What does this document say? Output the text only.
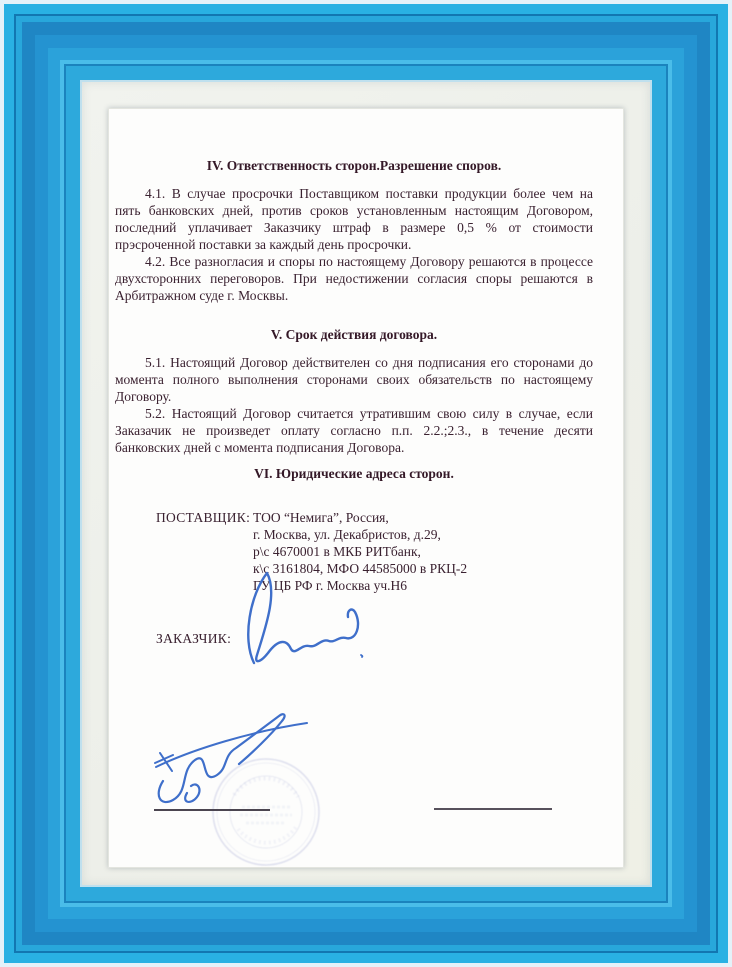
IV. Ответственность сторон.Разрешение споров.

4.1. В случае просрочки Поставщиком поставки продукции более чем на пять банковских дней, против сроков установленным настоящим Договором, последний уплачивает Заказчику штраф в размере 0,5 % от стоимости прэсроченной поставки за каждый день просрочки.

4.2. Все разногласия и споры по настоящему Договору решаются в процессе двухсторонних переговоров. При недостижении согласия споры решаются в Арбитражном суде г. Москвы.

V. Срок действия договора.

5.1. Настоящий Договор действителен со дня подписания его сторонами до момента полного выполнения сторонами своих обязательств по настоящему Договору.

5.2. Настоящий Договор считается утратившим свою силу в случае, если Заказачик не произведет оплату согласно п.п. 2.2.;2.3., в течение десяти банковских дней с момента подписания Договора.

VI. Юридические адреса сторон.
ПОСТАВЩИК: ТОО “Немига”, Россия,
г. Москва, ул. Декабристов, д.29,
р\с 4670001 в МКБ РИТбанк,
к\с 3161804, МФО 44585000 в РКЦ-2
ГУ ЦБ РФ г. Москва уч.Н6
ЗАКАЗЧИК:
